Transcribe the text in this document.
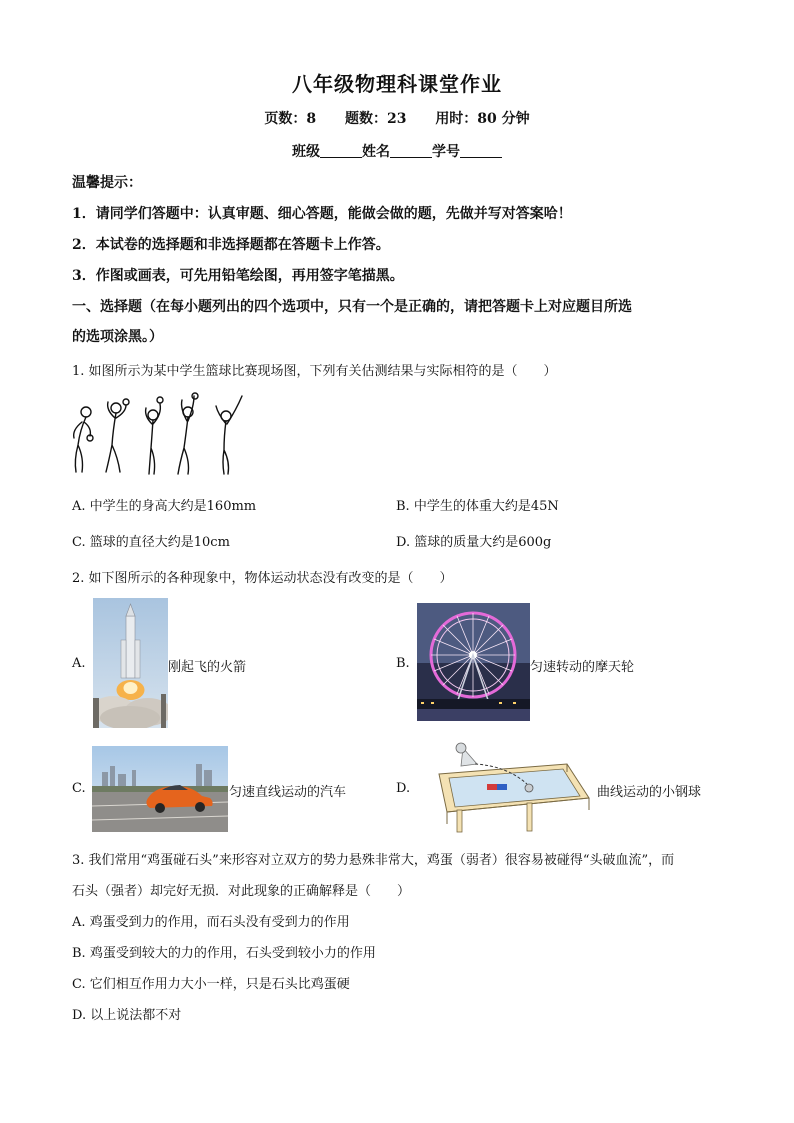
八年级物理科课堂作业
页数：8 题数：23 用时：80 分钟
班级	姓名	学号
温馨提示：
1．请同学们答题中：认真审题、细心答题，能做会做的题，先做并写对答案哈！
2．本试卷的选择题和非选择题都在答题卡上作答。
3．作图或画表，可先用铅笔绘图，再用签字笔描黑。
一、选择题（在每小题列出的四个选项中，只有一个是正确的，请把答题卡上对应题目所选
的选项涂黑。）
1. 如图所示为某中学生篮球比赛现场图，下列有关估测结果与实际相符的是（　　）
A. 中学生的身高大约是160mm	B. 中学生的体重大约是45N
C. 篮球的直径大约是10cm	D. 篮球的质量大约是600g
2. 如下图所示的各种现象中，物体运动状态没有改变的是（　　）
A.	刚起飞的火箭	B.	匀速转动的摩天轮
C.	匀速直线运动的汽车	D.	曲线运动的小钢球
3. 我们常用“鸡蛋碰石头”来形容对立双方的势力悬殊非常大，鸡蛋（弱者）很容易被碰得“头破血流”，而
石头（强者）却完好无损．对此现象的正确解释是（　　）
A. 鸡蛋受到力的作用，而石头没有受到力的作用
B. 鸡蛋受到较大的力的作用，石头受到较小力的作用
C. 它们相互作用力大小一样，只是石头比鸡蛋硬
D. 以上说法都不对
